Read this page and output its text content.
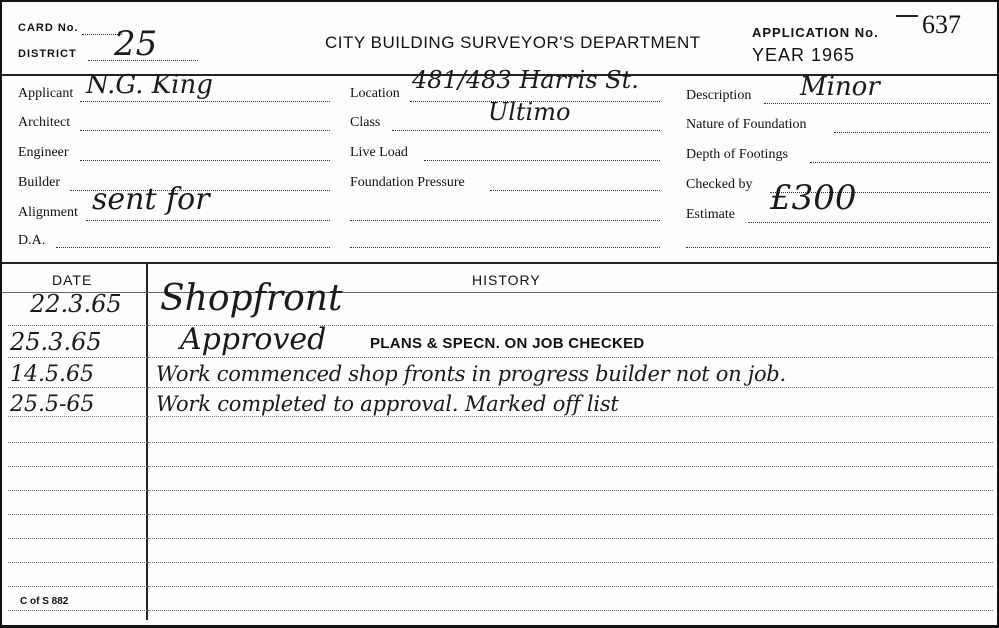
CARD No.
DISTRICT 25	CITY BUILDING SURVEYOR'S DEPARTMENT
APPLICATION No. 637
YEAR 1965
Applicant N.G. King
Architect
Engineer
Builder
Alignment sent for
D.A.
Location 481/483 Harris St.
Ultimo
Class
Live Load
Foundation Pressure
Description Minor
Nature of Foundation
Depth of Footings
Checked by
Estimate £300
DATE	HISTORY
22.3.65 Shopfront
25.3.65	Approved	PLANS & SPECN. ON JOB CHECKED
14.5.65	Work commenced shop fronts in progress builder not on job.
25.5-65	Work completed to approval. Marked off list
C of S 882
